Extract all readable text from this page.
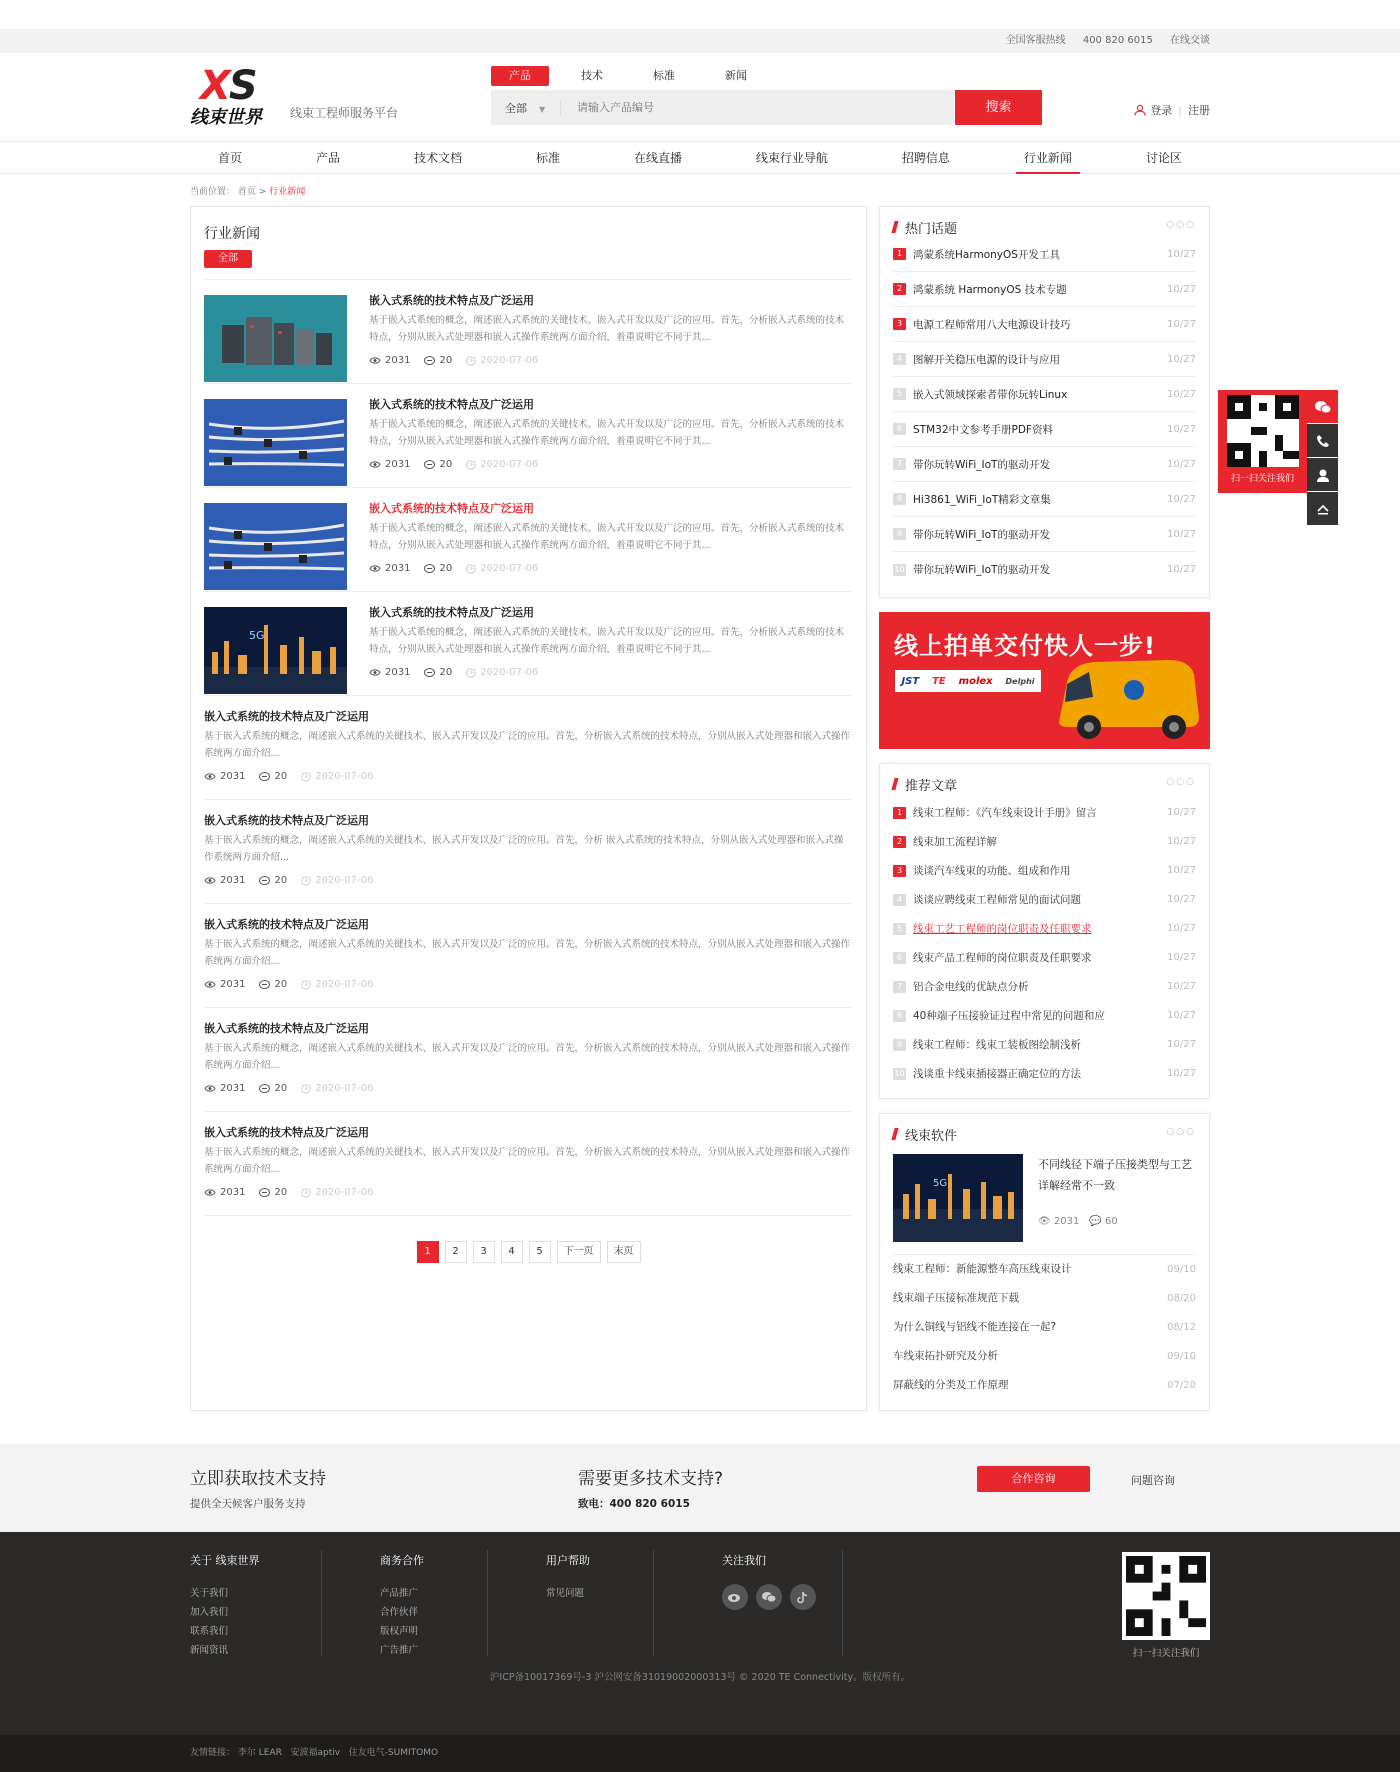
全国客服热线 400 820 6015 在线交谈
XS
线束世界 线束工程师服务平台
产品	技术	标准	新闻
全部 ▼
请输入产品编号	搜索	登录 | 注册
首页	产品	技术文档	标准	在线直播	线束行业导航	招聘信息	行业新闻	讨论区
当前位置： 首页 > 行业新闻
行业新闻
全部
嵌入式系统的技术特点及广泛运用
基于嵌入式系统的概念，阐述嵌入式系统的关键技术、嵌入式开发以及广泛的应用。首先，分析嵌入式系统的技术特点，分别从嵌入式处理器和嵌入式操作系统两方面介绍，着重说明它不同于其...
2031	20	2020-07-06
嵌入式系统的技术特点及广泛运用
基于嵌入式系统的概念，阐述嵌入式系统的关键技术、嵌入式开发以及广泛的应用。首先，分析嵌入式系统的技术特点，分别从嵌入式处理器和嵌入式操作系统两方面介绍，着重说明它不同于其...
2031	20	2020-07-06
嵌入式系统的技术特点及广泛运用
基于嵌入式系统的概念，阐述嵌入式系统的关键技术、嵌入式开发以及广泛的应用。首先，分析嵌入式系统的技术特点，分别从嵌入式处理器和嵌入式操作系统两方面介绍，着重说明它不同于其...
2031	20	2020-07-06
5G
嵌入式系统的技术特点及广泛运用
基于嵌入式系统的概念，阐述嵌入式系统的关键技术、嵌入式开发以及广泛的应用。首先，分析嵌入式系统的技术特点，分别从嵌入式处理器和嵌入式操作系统两方面介绍，着重说明它不同于其...
2031	20	2020-07-06
嵌入式系统的技术特点及广泛运用
基于嵌入式系统的概念，阐述嵌入式系统的关键技术、嵌入式开发以及广泛的应用。首先，分析嵌入式系统的技术特点，分别从嵌入式处理器和嵌入式操作系统两方面介绍...
2031	20	2020-07-06
嵌入式系统的技术特点及广泛运用
基于嵌入式系统的概念，阐述嵌入式系统的关键技术、嵌入式开发以及广泛的应用。首先，分析 嵌入式系统的技术特点，分别从嵌入式处理器和嵌入式操作系统两方面介绍...
2031	20	2020-07-06
嵌入式系统的技术特点及广泛运用
基于嵌入式系统的概念，阐述嵌入式系统的关键技术、嵌入式开发以及广泛的应用。首先，分析嵌入式系统的技术特点，分别从嵌入式处理器和嵌入式操作系统两方面介绍...
2031	20	2020-07-06
嵌入式系统的技术特点及广泛运用
基于嵌入式系统的概念，阐述嵌入式系统的关键技术、嵌入式开发以及广泛的应用。首先，分析嵌入式系统的技术特点，分别从嵌入式处理器和嵌入式操作系统两方面介绍...
2031	20	2020-07-06
嵌入式系统的技术特点及广泛运用
基于嵌入式系统的概念，阐述嵌入式系统的关键技术、嵌入式开发以及广泛的应用。首先，分析嵌入式系统的技术特点，分别从嵌入式处理器和嵌入式操作系统两方面介绍...
2031	20	2020-07-06
1	2	3	4	5	下一页	末页
热门话题	○○○
1	鸿蒙系统HarmonyOS开发工具	10/27
2	鸿蒙系统 HarmonyOS 技术专题	10/27
3	电源工程师常用八大电源设计技巧	10/27
4	图解开关稳压电源的设计与应用	10/27
5	嵌入式领域探索者带你玩转Linux	10/27
6	STM32中文参考手册PDF资料	10/27
7	带你玩转WiFi_IoT的驱动开发	10/27
8	Hi3861_WiFi_IoT精彩文章集	10/27
9	带你玩转WiFi_IoT的驱动开发	10/27
10 带你玩转WiFi_IoT的驱动开发	10/27
线上拍单交付快人一步!
JST TE molex Delphi
推荐文章	○○○
1	线束工程师：《汽车线束设计手册》留言	10/27
2	线束加工流程详解	10/27
3	谈谈汽车线束的功能、组成和作用	10/27
4	谈谈应聘线束工程师常见的面试问题	10/27
5	线束工艺工程师的岗位职责及任职要求	10/27
6	线束产品工程师的岗位职责及任职要求	10/27
7	铝合金电线的优缺点分析	10/27
8	40种端子压接验证过程中常见的问题和应	10/27
9	线束工程师：线束工装板图绘制浅析	10/27
10 浅谈重卡线束插接器正确定位的方法	10/27
线束软件	○○○
5G
不同线径下端子压接类型与工艺详解经常不一致
👁 2031 💬 60
线束工程师：新能源整车高压线束设计	09/10
线束端子压接标准规范下载	08/20
为什么铜线与铝线不能连接在一起?	08/12
车线束拓扑研究及分析	09/10
屏蔽线的分类及工作原理	07/20
扫一扫关注我们
立即获取技术支持
提供全天候客户服务支持
需要更多技术支持?
致电：400 820 6015
合作咨询	问题咨询
关于 线束世界

关于我们

加入我们

联系我们

新闻资讯

商务合作

产品推广

合作伙伴

版权声明

广告推广

用户帮助

常见问题

关注我们

扫一扫关注我们

沪ICP备10017369号-3 沪公网安备31019002000313号 © 2020 TE Connectivity。版权所有。
友情链接： 李尔 LEAR 安波福aptiv 住友电气-SUMITOMO
